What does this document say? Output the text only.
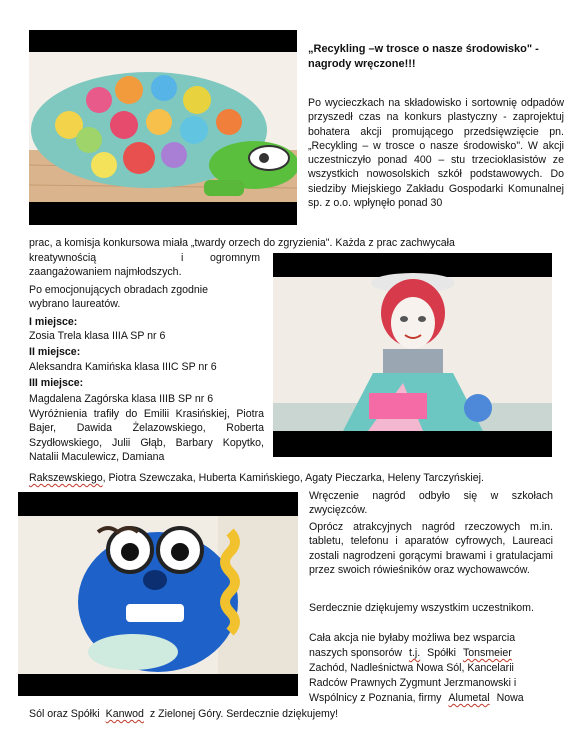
„Recykling –w trosce o nasze środowisko" - nagrody wręczone!!!
Po wycieczkach na składowisko i sortownię odpadów przyszedł czas na konkurs plastyczny - zaprojektuj bohatera akcji promującego przedsięwzięcie pn. „Recykling – w trosce o nasze środowisko". W akcji uczestniczyło ponad 400 – stu trzecioklasistów ze wszystkich nowosolskich szkół podstawowych. Do siedziby Miejskiego Zakładu Gospodarki Komunalnej sp. z o.o. wpłynęło ponad 30
prac, a komisja konkursowa miała „twardy orzech do zgryzienia". Każda z prac zachwycała
kreatywnością	i	ogromnym
zaangażowaniem najmłodszych.
Po emocjonujących obradach zgodnie wybrano laureatów.
I miejsce:
Zosia Trela klasa IIIA SP nr 6
II miejsce:
Aleksandra Kamińska klasa IIIC SP nr 6
III miejsce:
Magdalena Zagórska klasa IIIB SP nr 6
Wyróżnienia trafiły do Emilii Krasińskiej, Piotra Bajer, Dawida Żelazowskiego, Roberta Szydłowskiego, Julii Głąb, Barbary Kopytko, Natalii Maculewicz, Damiana
Rakszewskiego, Piotra Szewczaka, Huberta Kamińskiego, Agaty Pieczarka, Heleny Tarczyńskiej.
Wręczenie nagród odbyło się w szkołach zwycięzców.
Oprócz atrakcyjnych nagród rzeczowych m.in. tabletu, telefonu i aparatów cyfrowych, Laureaci zostali nagrodzeni gorącymi brawami i gratulacjami przez swoich rówieśników oraz wychowawców.
Serdecznie dziękujemy wszystkim uczestnikom.
Cała akcja nie byłaby możliwa bez wsparcia
naszych sponsorów t.j. Spółki Tonsmeier
Zachód, Nadleśnictwa Nowa Sól, Kancelarii
Radców Prawnych Zygmunt Jerzmanowski i
Wspólnicy z Poznania, firmy Alumetal Nowa
Sól oraz Spółki Kanwod z Zielonej Góry. Serdecznie dziękujemy!
